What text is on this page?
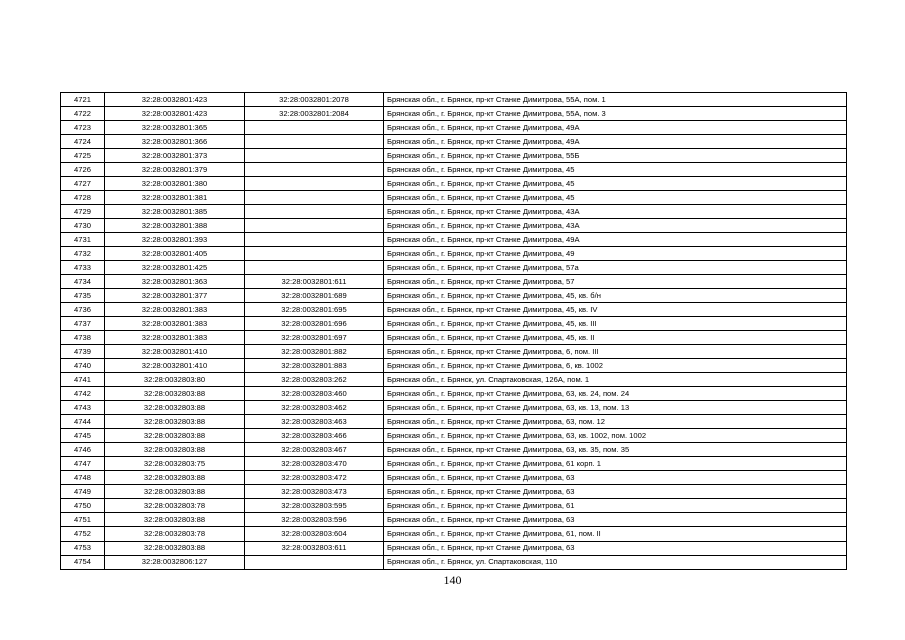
4721	32:28:0032801:423	32:28:0032801:2078	Брянская обл., г. Брянск, пр-кт Станке Димитрова, 55А, пом. 1
4722	32:28:0032801:423	32:28:0032801:2084	Брянская обл., г. Брянск, пр-кт Станке Димитрова, 55А, пом. 3
4723	32:28:0032801:365		Брянская обл., г. Брянск, пр-кт Станке Димитрова, 49А
4724	32:28:0032801:366		Брянская обл., г. Брянск, пр-кт Станке Димитрова, 49А
4725	32:28:0032801:373		Брянская обл., г. Брянск, пр-кт Станке Димитрова, 55Б
4726	32:28:0032801:379		Брянская обл., г. Брянск, пр-кт Станке Димитрова, 45
4727	32:28:0032801:380		Брянская обл., г. Брянск, пр-кт Станке Димитрова, 45
4728	32:28:0032801:381		Брянская обл., г. Брянск, пр-кт Станке Димитрова, 45
4729	32:28:0032801:385		Брянская обл., г. Брянск, пр-кт Станке Димитрова, 43А
4730	32:28:0032801:388		Брянская обл., г. Брянск, пр-кт Станке Димитрова, 43А
4731	32:28:0032801:393		Брянская обл., г. Брянск, пр-кт Станке Димитрова, 49А
4732	32:28:0032801:405		Брянская обл., г. Брянск, пр-кт Станке Димитрова, 49
4733	32:28:0032801:425		Брянская обл., г. Брянск, пр-кт Станке Димитрова, 57а
4734	32:28:0032801:363	32:28:0032801:611	Брянская обл., г. Брянск, пр-кт Станке Димитрова, 57
4735	32:28:0032801:377	32:28:0032801:689	Брянская обл., г. Брянск, пр-кт Станке Димитрова, 45, кв. б/н
4736	32:28:0032801:383	32:28:0032801:695	Брянская обл., г. Брянск, пр-кт Станке Димитрова, 45, кв. IV
4737	32:28:0032801:383	32:28:0032801:696	Брянская обл., г. Брянск, пр-кт Станке Димитрова, 45, кв. III
4738	32:28:0032801:383	32:28:0032801:697	Брянская обл., г. Брянск, пр-кт Станке Димитрова, 45, кв. II
4739	32:28:0032801:410	32:28:0032801:882	Брянская обл., г. Брянск, пр-кт Станке Димитрова, 6, пом. III
4740	32:28:0032801:410	32:28:0032801:883	Брянская обл., г. Брянск, пр-кт Станке Димитрова, 6, кв. 1002
4741	32:28:0032803:80	32:28:0032803:262	Брянская обл., г. Брянск, ул. Спартаковская, 126А, пом. 1
4742	32:28:0032803:88	32:28:0032803:460	Брянская обл., г. Брянск, пр-кт Станке Димитрова, 63, кв. 24, пом. 24
4743	32:28:0032803:88	32:28:0032803:462	Брянская обл., г. Брянск, пр-кт Станке Димитрова, 63, кв. 13, пом. 13
4744	32:28:0032803:88	32:28:0032803:463	Брянская обл., г. Брянск, пр-кт Станке Димитрова, 63, пом. 12
4745	32:28:0032803:88	32:28:0032803:466	Брянская обл., г. Брянск, пр-кт Станке Димитрова, 63, кв. 1002, пом. 1002
4746	32:28:0032803:88	32:28:0032803:467	Брянская обл., г. Брянск, пр-кт Станке Димитрова, 63, кв. 35, пом. 35
4747	32:28:0032803:75	32:28:0032803:470	Брянская обл., г. Брянск, пр-кт Станке Димитрова, 61 корп. 1
4748	32:28:0032803:88	32:28:0032803:472	Брянская обл., г. Брянск, пр-кт Станке Димитрова, 63
4749	32:28:0032803:88	32:28:0032803:473	Брянская обл., г. Брянск, пр-кт Станке Димитрова, 63
4750	32:28:0032803:78	32:28:0032803:595	Брянская обл., г. Брянск, пр-кт Станке Димитрова, 61
4751	32:28:0032803:88	32:28:0032803:596	Брянская обл., г. Брянск, пр-кт Станке Димитрова, 63
4752	32:28:0032803:78	32:28:0032803:604	Брянская обл., г. Брянск, пр-кт Станке Димитрова, 61, пом. II
4753	32:28:0032803:88	32:28:0032803:611	Брянская обл., г. Брянск, пр-кт Станке Димитрова, 63
4754	32:28:0032806:127		Брянская обл., г. Брянск, ул. Спартаковская, 110
140
